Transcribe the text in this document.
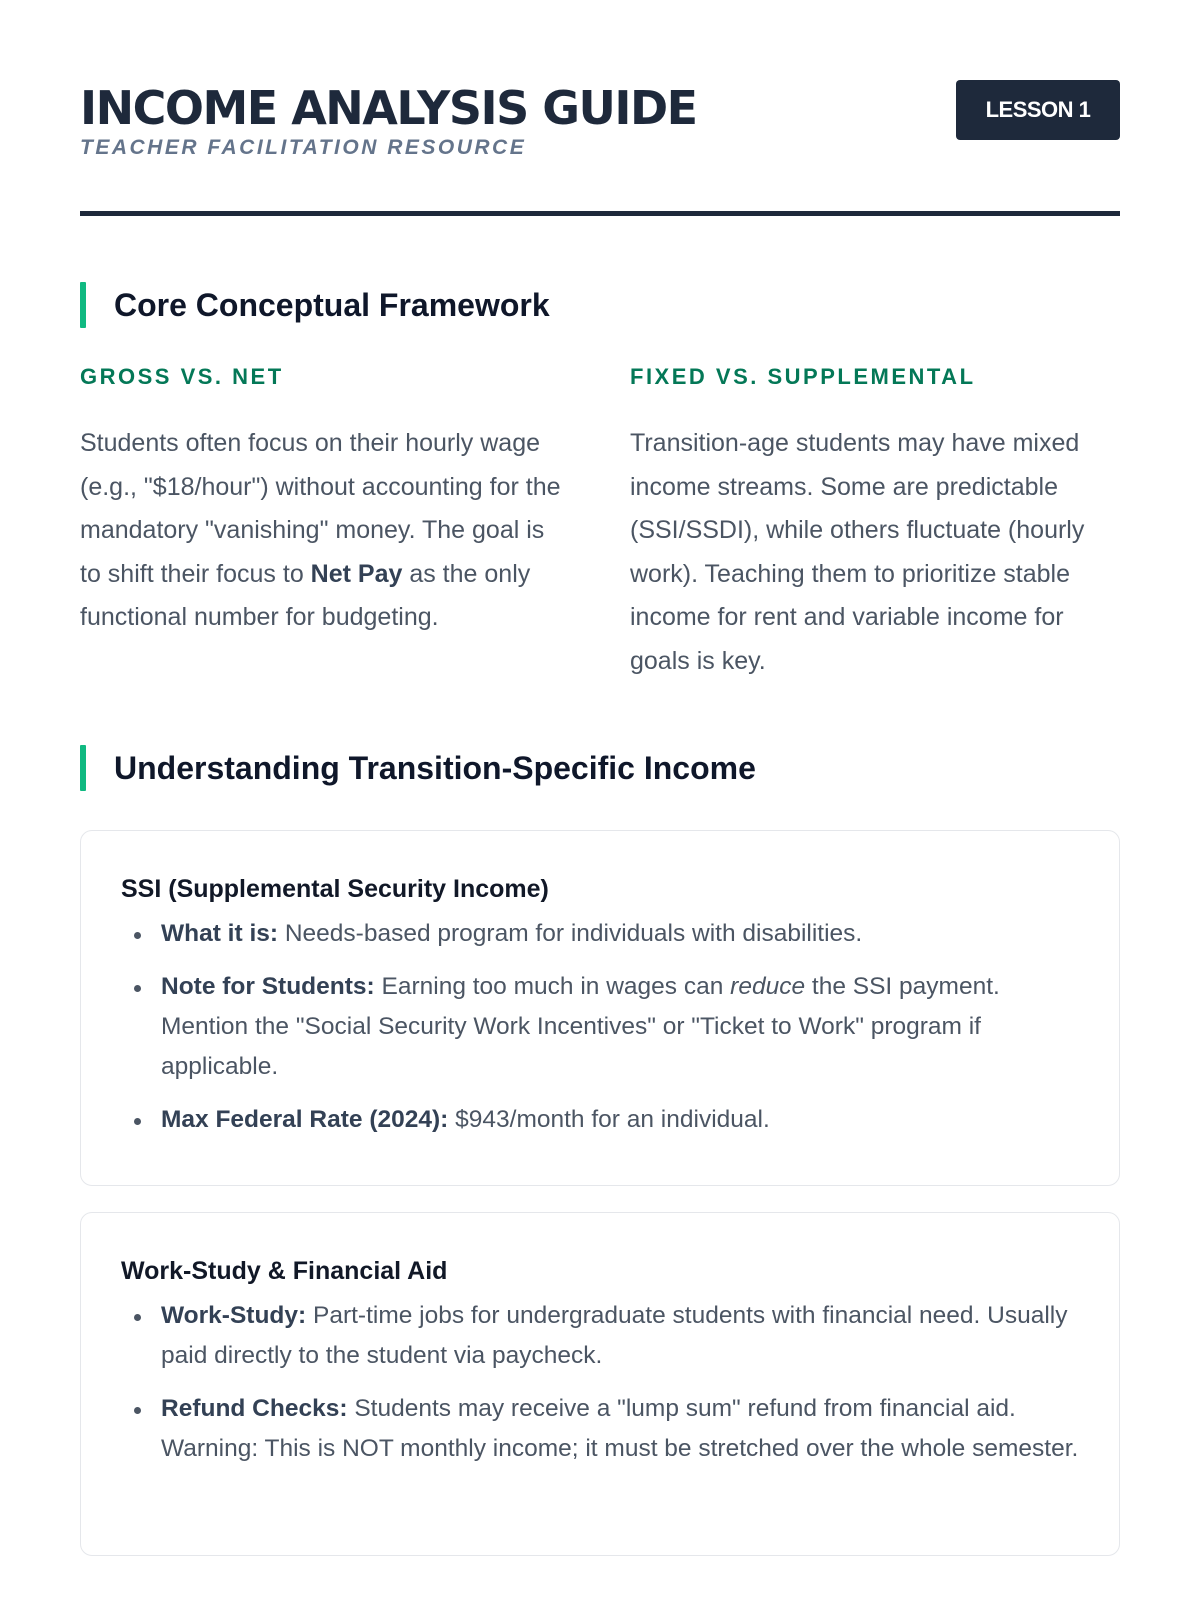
INCOME ANALYSIS GUIDE
TEACHER FACILITATION RESOURCE
LESSON 1
Core Conceptual Framework
GROSS VS. NET

Students often focus on their hourly wage (e.g., "$18/hour") without accounting for the mandatory "vanishing" money. The goal is to shift their focus to Net Pay as the only functional number for budgeting.

FIXED VS. SUPPLEMENTAL

Transition-age students may have mixed income streams. Some are predictable (SSI/SSDI), while others fluctuate (hourly work). Teaching them to prioritize stable income for rent and variable income for goals is key.

Understanding Transition-Specific Income
SSI (Supplemental Security Income)
What it is: Needs-based program for individuals with disabilities.
Note for Students: Earning too much in wages can reduce the SSI payment. Mention the "Social Security Work Incentives" or "Ticket to Work" program if applicable.
Max Federal Rate (2024): $943/month for an individual.
Work-Study & Financial Aid
Work-Study: Part-time jobs for undergraduate students with financial need. Usually paid directly to the student via paycheck.
Refund Checks: Students may receive a "lump sum" refund from financial aid. Warning: This is NOT monthly income; it must be stretched over the whole semester.
